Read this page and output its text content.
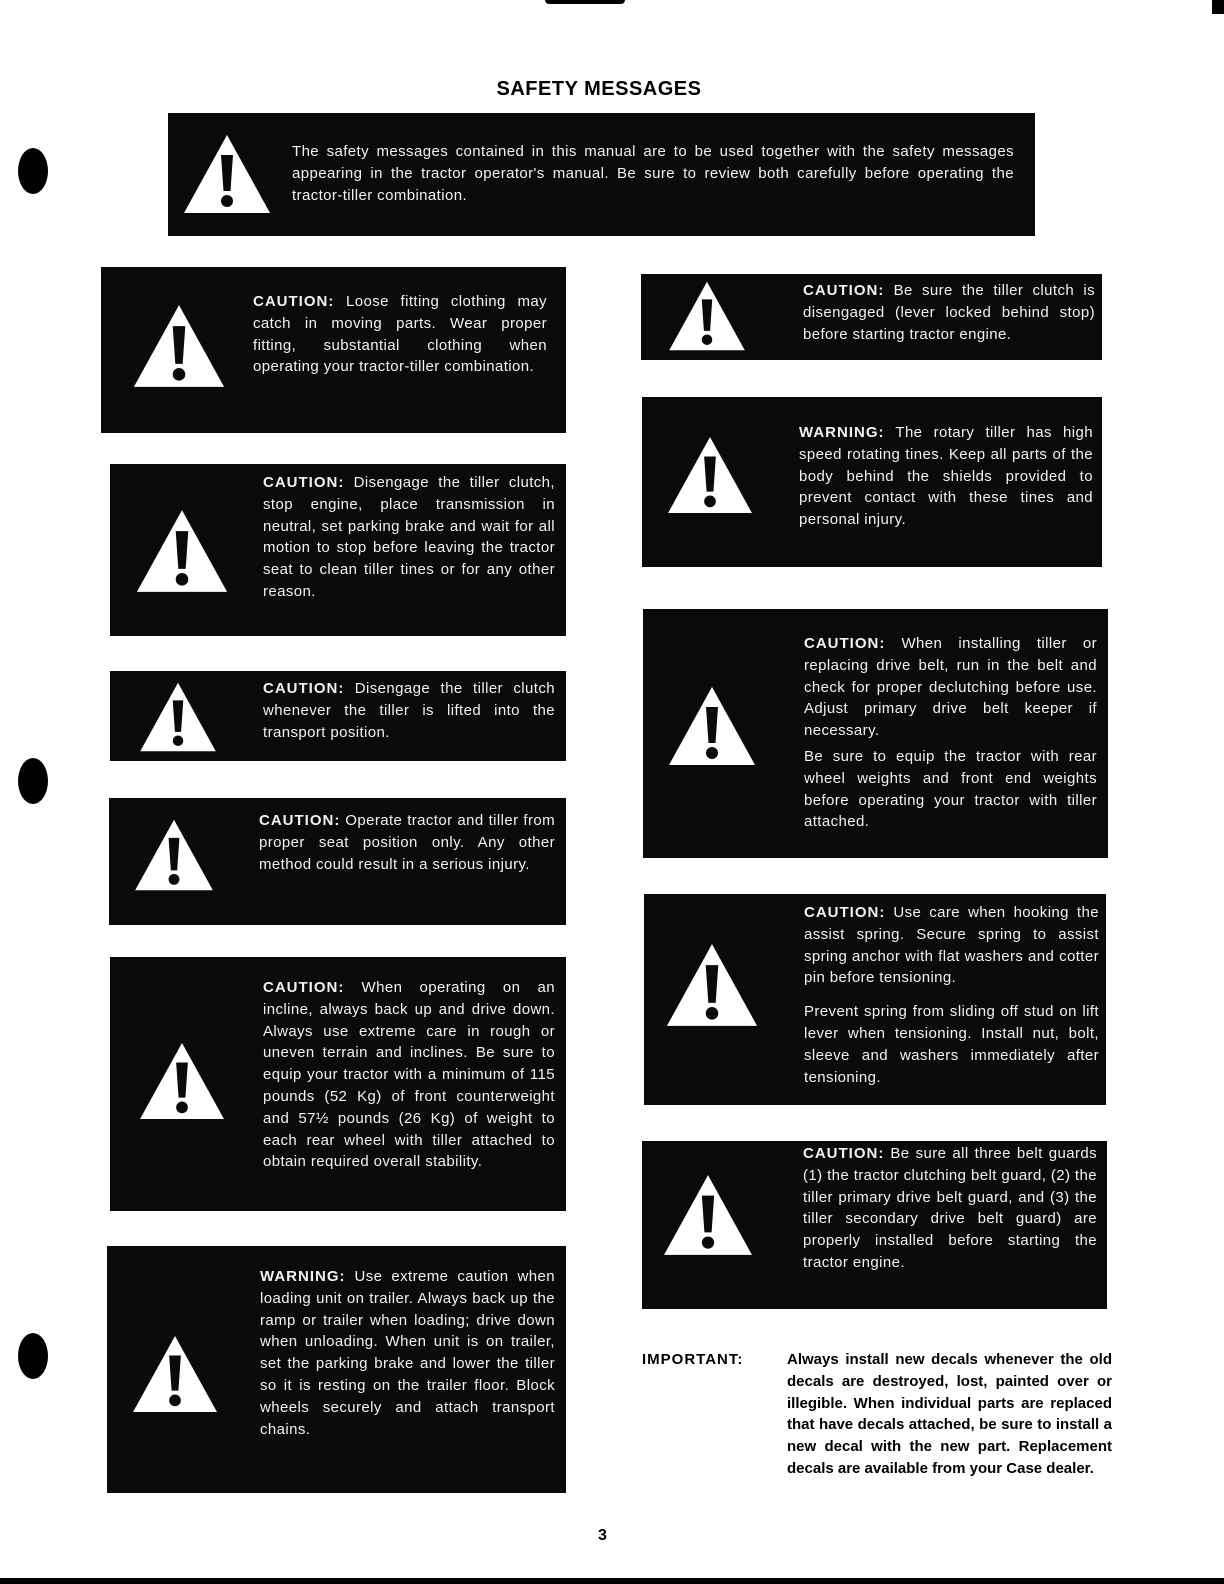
SAFETY MESSAGES
The safety messages contained in this manual are to be used together with the safety messages appearing in the tractor operator's manual. Be sure to review both carefully before operating the tractor-tiller combination.

CAUTION: Loose fitting clothing may catch in moving parts. Wear proper fitting, substantial clothing when operating your tractor-tiller combination.

CAUTION: Disengage the tiller clutch, stop engine, place transmission in neutral, set parking brake and wait for all motion to stop before leaving the tractor seat to clean tiller tines or for any other reason.

CAUTION: Disengage the tiller clutch whenever the tiller is lifted into the transport position.

CAUTION: Operate tractor and tiller from proper seat position only. Any other method could result in a serious injury.

CAUTION: When operating on an incline, always back up and drive down. Always use extreme care in rough or uneven terrain and inclines. Be sure to equip your tractor with a minimum of 115 pounds (52 Kg) of front counterweight and 57½ pounds (26 Kg) of weight to each rear wheel with tiller attached to obtain required overall stability.

WARNING: Use extreme caution when loading unit on trailer. Always back up the ramp or trailer when loading; drive down when unloading. When unit is on trailer, set the parking brake and lower the tiller so it is resting on the trailer floor. Block wheels securely and attach transport chains.

CAUTION: Be sure the tiller clutch is disengaged (lever locked behind stop) before starting tractor engine.

WARNING: The rotary tiller has high speed rotating tines. Keep all parts of the body behind the shields provided to prevent contact with these tines and personal injury.

CAUTION: When installing tiller or replacing drive belt, run in the belt and check for proper declutching before use. Adjust primary drive belt keeper if necessary.

Be sure to equip the tractor with rear wheel weights and front end weights before operating your tractor with tiller attached.

CAUTION: Use care when hooking the assist spring. Secure spring to assist spring anchor with flat washers and cotter pin before tensioning.

Prevent spring from sliding off stud on lift lever when tensioning. Install nut, bolt, sleeve and washers immediately after tensioning.

CAUTION: Be sure all three belt guards (1) the tractor clutching belt guard, (2) the tiller primary drive belt guard, and (3) the tiller secondary drive belt guard) are properly installed before starting the tractor engine.

IMPORTANT:	Always install new decals whenever the old decals are destroyed, lost, painted over or illegible. When individual parts are replaced that have decals attached, be sure to install a new decal with the new part. Replacement decals are available from your Case dealer.
3
